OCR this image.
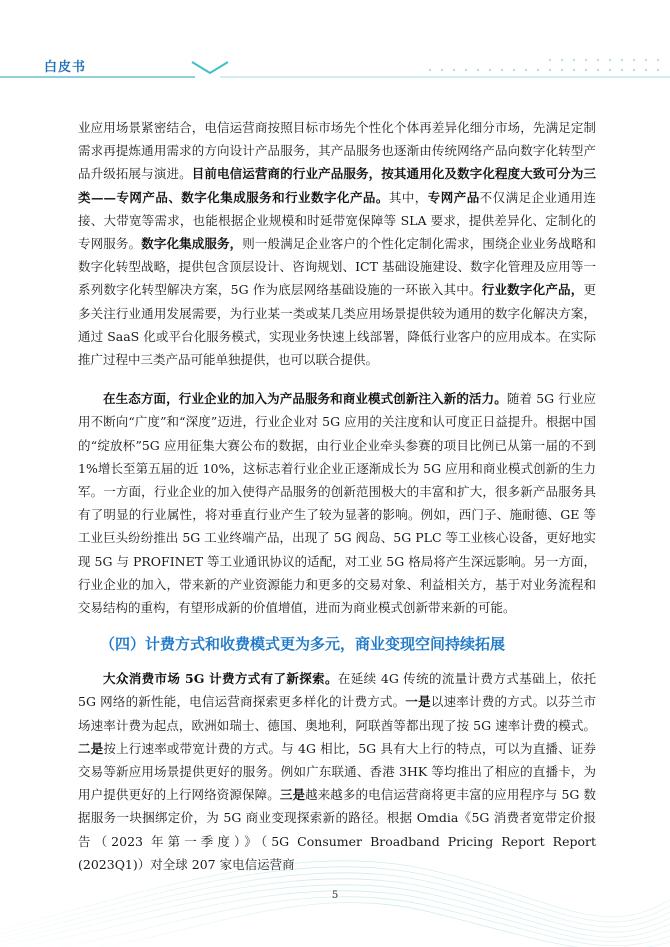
白皮书

业应用场景紧密结合，电信运营商按照目标市场先个性化个体再差异化细分市场，先满足定制需求再提炼通用需求的方向设计产品服务，其产品服务也逐渐由传统网络产品向数字化转型产品升级拓展与演进。目前电信运营商的行业产品服务，按其通用化及数字化程度大致可分为三类——专网产品、数字化集成服务和行业数字化产品。其中，专网产品不仅满足企业通用连接、大带宽等需求，也能根据企业规模和时延带宽保障等 SLA 要求，提供差异化、定制化的专网服务。数字化集成服务，则一般满足企业客户的个性化定制化需求，围绕企业业务战略和数字化转型战略，提供包含顶层设计、咨询规划、ICT 基础设施建设、数字化管理及应用等一系列数字化转型解决方案，5G 作为底层网络基础设施的一环嵌入其中。行业数字化产品，更多关注行业通用发展需要，为行业某一类或某几类应用场景提供较为通用的数字化解决方案，通过 SaaS 化或平台化服务模式，实现业务快速上线部署，降低行业客户的应用成本。在实际推广过程中三类产品可能单独提供，也可以联合提供。

在生态方面，行业企业的加入为产品服务和商业模式创新注入新的活力。随着 5G 行业应用不断向“广度”和“深度”迈进，行业企业对 5G 应用的关注度和认可度正日益提升。根据中国的“绽放杯”5G 应用征集大赛公布的数据，由行业企业牵头参赛的项目比例已从第一届的不到 1%增长至第五届的近 10%，这标志着行业企业正逐渐成长为 5G 应用和商业模式创新的生力军。一方面，行业企业的加入使得产品服务的创新范围极大的丰富和扩大，很多新产品服务具有了明显的行业属性，将对垂直行业产生了较为显著的影响。例如，西门子、施耐德、GE 等工业巨头纷纷推出 5G 工业终端产品，出现了 5G 阀岛、5G PLC 等工业核心设备，更好地实现 5G 与 PROFINET 等工业通讯协议的适配，对工业 5G 格局将产生深远影响。另一方面，行业企业的加入，带来新的产业资源能力和更多的交易对象、利益相关方，基于对业务流程和交易结构的重构，有望形成新的价值增值，进而为商业模式创新带来新的可能。

（四）计费方式和收费模式更为多元，商业变现空间持续拓展

大众消费市场 5G 计费方式有了新探索。在延续 4G 传统的流量计费方式基础上，依托 5G 网络的新性能，电信运营商探索更多样化的计费方式。一是以速率计费的方式。以芬兰市场速率计费为起点，欧洲如瑞士、德国、奥地利，阿联酋等都出现了按 5G 速率计费的模式。二是按上行速率或带宽计费的方式。与 4G 相比，5G 具有大上行的特点，可以为直播、证券交易等新应用场景提供更好的服务。例如广东联通、香港 3HK 等均推出了相应的直播卡，为用户提供更好的上行网络资源保障。三是越来越多的电信运营商将更丰富的应用程序与 5G 数据服务一块捆绑定价，为 5G 商业变现探索新的路径。根据 Omdia《5G 消费者宽带定价报告（2023 年第一季度）》（5G Consumer Broadband Pricing Report Report (2023Q1)）对全球 207 家电信运营商

5
